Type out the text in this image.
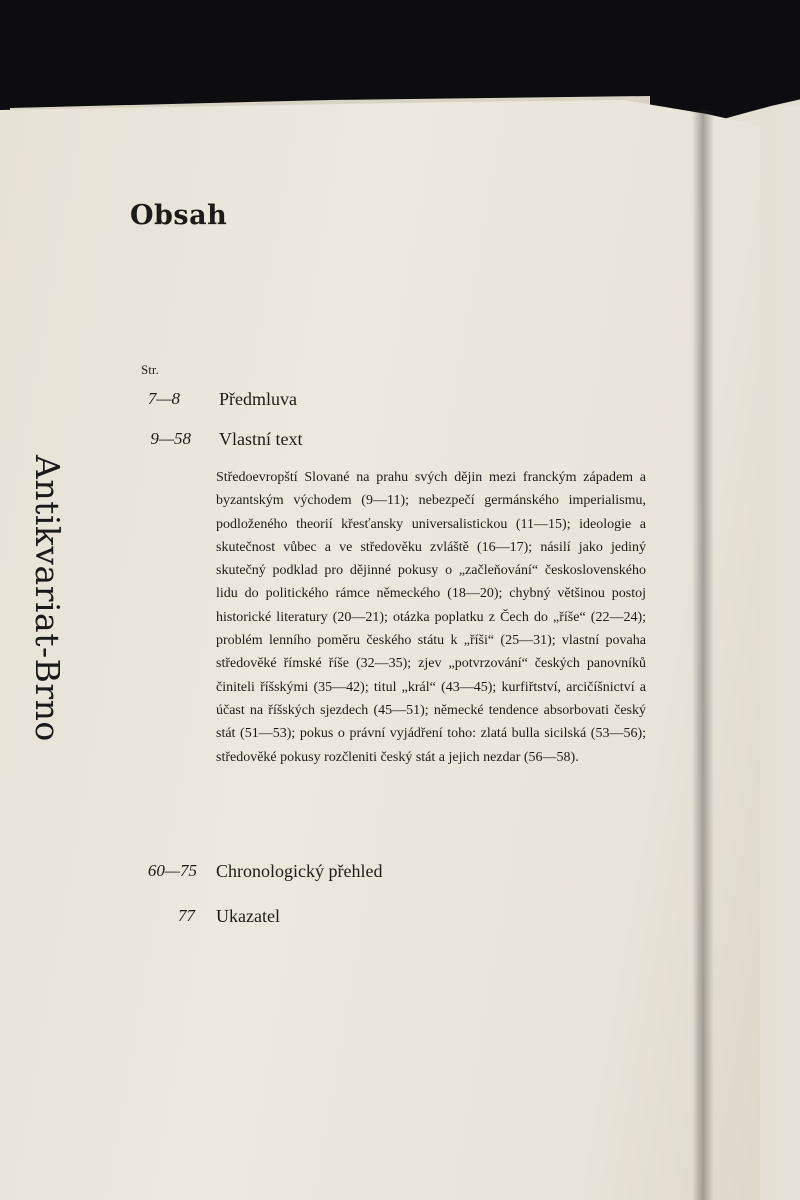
Obsah
Str.
7—8 Předmluva
9—58 Vlastní text

Středoevropští Slované na prahu svých dějin mezi franckým západem a byzantským východem (9—11); nebezpečí germánského imperialismu, podloženého theorií křesťansky universalistickou (11—15); ideologie a skutečnost vůbec a ve středověku zvláště (16—17); násilí jako jediný skutečný podklad pro dějinné pokusy o „začleňování“ československého lidu do politického rámce německého (18—20); chybný většinou postoj historické literatury (20—21); otázka poplatku z Čech do „říše“ (22—24); problém lenního poměru českého státu k „říši“ (25—31); vlastní povaha středověké římské říše (32—35); zjev „potvrzování“ českých panovníků činiteli říšskými (35—42); titul „král“ (43—45); kurfiřtství, arcičíšnictví a účast na říšských sjezdech (45—51); německé tendence absorbovati český stát (51—53); pokus o právní vyjádření toho: zlatá bulla sicilská (53—56); středověké pokusy rozčleniti český stát a jejich nezdar (56—58).

60—75 Chronologický přehled
77 Ukazatel
Antikvariat-Brno
